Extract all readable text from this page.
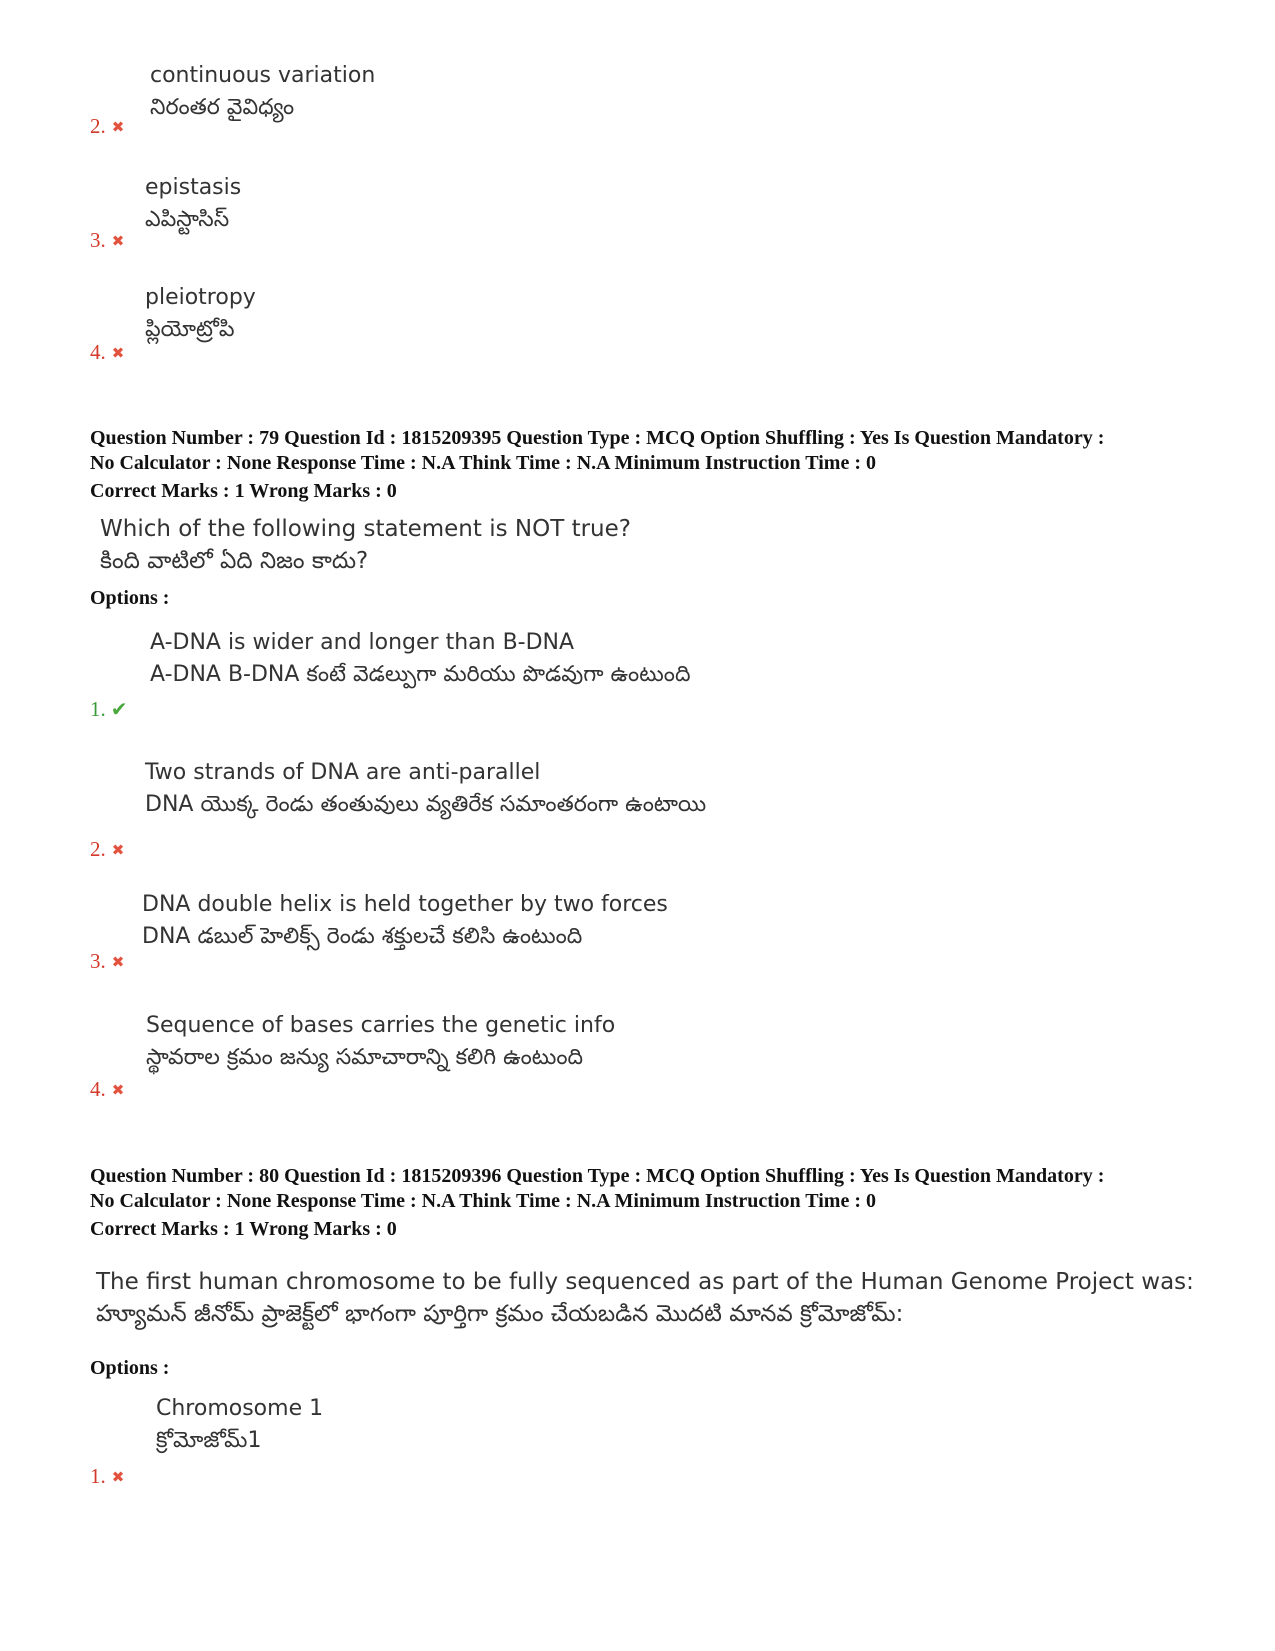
continuous variation
నిరంతర వైవిధ్యం
2. ✖
epistasis
ఎపిస్టాసిస్
3. ✖
pleiotropy
ప్లియోట్రోపి
4. ✖
Question Number : 79 Question Id : 1815209395 Question Type : MCQ Option Shuffling : Yes Is Question Mandatory :
No Calculator : None Response Time : N.A Think Time : N.A Minimum Instruction Time : 0
Correct Marks : 1 Wrong Marks : 0
Which of the following statement is NOT true?
కింది వాటిలో ఏది నిజం కాదు?
Options :
A-DNA is wider and longer than B-DNA
A-DNA B-DNA కంటే వెడల్పుగా మరియు పొడవుగా ఉంటుంది
1. ✔
Two strands of DNA are anti-parallel
DNA యొక్క రెండు తంతువులు వ్యతిరేక సమాంతరంగా ఉంటాయి
2. ✖
DNA double helix is held together by two forces
DNA డబుల్ హెలిక్స్ రెండు శక్తులచే కలిసి ఉంటుంది
3. ✖
Sequence of bases carries the genetic info
స్థావరాల క్రమం జన్యు సమాచారాన్ని కలిగి ఉంటుంది
4. ✖
Question Number : 80 Question Id : 1815209396 Question Type : MCQ Option Shuffling : Yes Is Question Mandatory :
No Calculator : None Response Time : N.A Think Time : N.A Minimum Instruction Time : 0
Correct Marks : 1 Wrong Marks : 0
The first human chromosome to be fully sequenced as part of the Human Genome Project was:
హ్యూమన్ జీనోమ్ ప్రాజెక్ట్‌లో భాగంగా పూర్తిగా క్రమం చేయబడిన మొదటి మానవ క్రోమోజోమ్:
Options :
Chromosome 1
క్రోమోజోమ్1
1. ✖
